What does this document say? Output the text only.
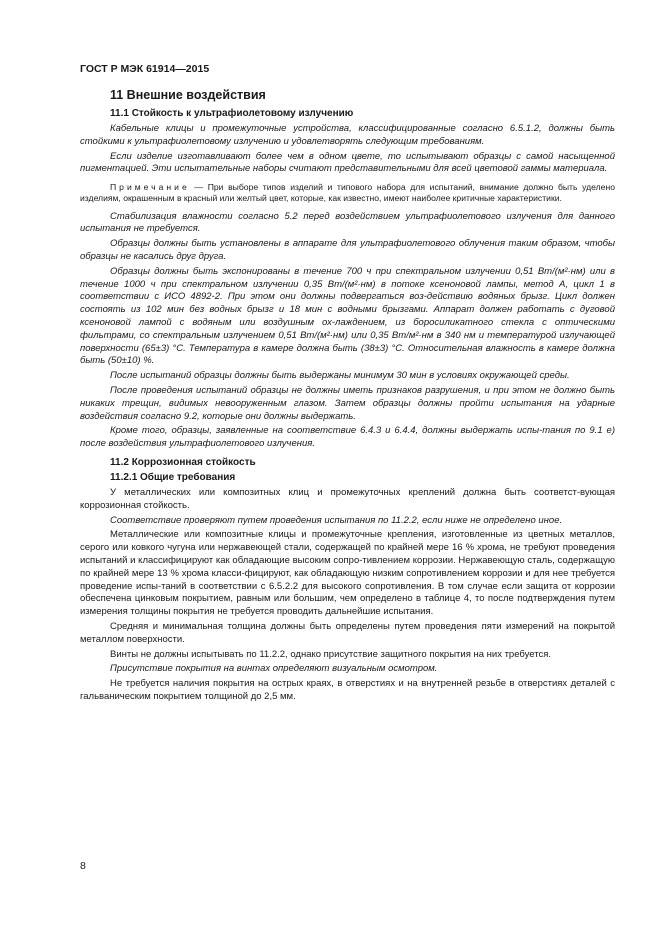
ГОСТ Р МЭК 61914—2015
11 Внешние воздействия
11.1 Стойкость к ультрафиолетовому излучению

Кабельные клицы и промежуточные устройства, классифицированные согласно 6.5.1.2, должны быть стойкими к ультрафиолетовому излучению и удовлетворять следующим требованиям.

Если изделие изготавливают более чем в одном цвете, то испытывают образцы с самой насыщенной пигментацией. Эти испытательные наборы считают представительными для всей цветовой гаммы материала.

Примечание — При выборе типов изделий и типового набора для испытаний, внимание должно быть уделено изделиям, окрашенным в красный или желтый цвет, которые, как известно, имеют наиболее критичные характеристики.

Стабилизация влажности согласно 5.2 перед воздействием ультрафиолетового излучения для данного испытания не требуется.

Образцы должны быть установлены в аппарате для ультрафиолетового облучения таким образом, чтобы образцы не касались друг друга.

Образцы должны быть экспонированы в течение 700 ч при спектральном излучении 0,51 Вт/(м²·нм) или в течение 1000 ч при спектральном излучении 0,35 Вт/(м²·нм) в потоке ксеноновой лампы, метод А, цикл 1 в соответствии с ИСО 4892-2. При этом они должны подвергаться воз-действию водяных брызг. Цикл должен состоять из 102 мин без водных брызг и 18 мин с водными брызгами. Аппарат должен работать с дуговой ксеноновой лампой с водяным или воздушным ох-лаждением, из боросиликатного стекла с оптическими фильтрами, со спектральным излучением 0,51 Вт/(м²·нм) или 0,35 Вт/м²·нм в 340 нм и температурой излучающей поверхности (65±3) °С. Температура в камере должна быть (38±3) °С. Относительная влажность в камере должна быть (50±10) %.

После испытаний образцы должны быть выдержаны минимум 30 мин в условиях окружающей среды.

После проведения испытаний образцы не должны иметь признаков разрушения, и при этом не должно быть никаких трещин, видимых невооруженным глазом. Затем образцы должны пройти испытания на ударные воздействия согласно 9.2, которые они должны выдержать.

Кроме того, образцы, заявленные на соответствие 6.4.3 и 6.4.4, должны выдержать испы-тания по 9.1 е) после воздействия ультрафиолетового излучения.

11.2 Коррозионная стойкость
11.2.1 Общие требования

У металлических или композитных клиц и промежуточных креплений должна быть соответст-вующая коррозионная стойкость.

Соответствие проверяют путем проведения испытания по 11.2.2, если ниже не определено иное.

Металлические или композитные клицы и промежуточные крепления, изготовленные из цветных металлов, серого или ковкого чугуна или нержавеющей стали, содержащей по крайней мере 16 % хрома, не требуют проведения испытаний и классифицируют как обладающие высоким сопро-тивлением коррозии. Нержавеющую сталь, содержащую по крайней мере 13 % хрома класси-фицируют, как обладающую низким сопротивлением коррозии и для нее требуется проведение испы-таний в соответствии с 6.5.2.2 для высокого сопротивления. В том случае если защита от коррозии обеспечена цинковым покрытием, равным или большим, чем определено в таблице 4, то после подтверждения путем измерения толщины покрытия не требуется проводить дальнейшие испытания.

Средняя и минимальная толщина должны быть определены путем проведения пяти измерений на покрытой металлом поверхности.

Винты не должны испытывать по 11.2.2, однако присутствие защитного покрытия на них требуется.

Присутствие покрытия на винтах определяют визуальным осмотром.

Не требуется наличия покрытия на острых краях, в отверстиях и на внутренней резьбе в отверстиях деталей с гальваническим покрытием толщиной до 2,5 мм.

8
